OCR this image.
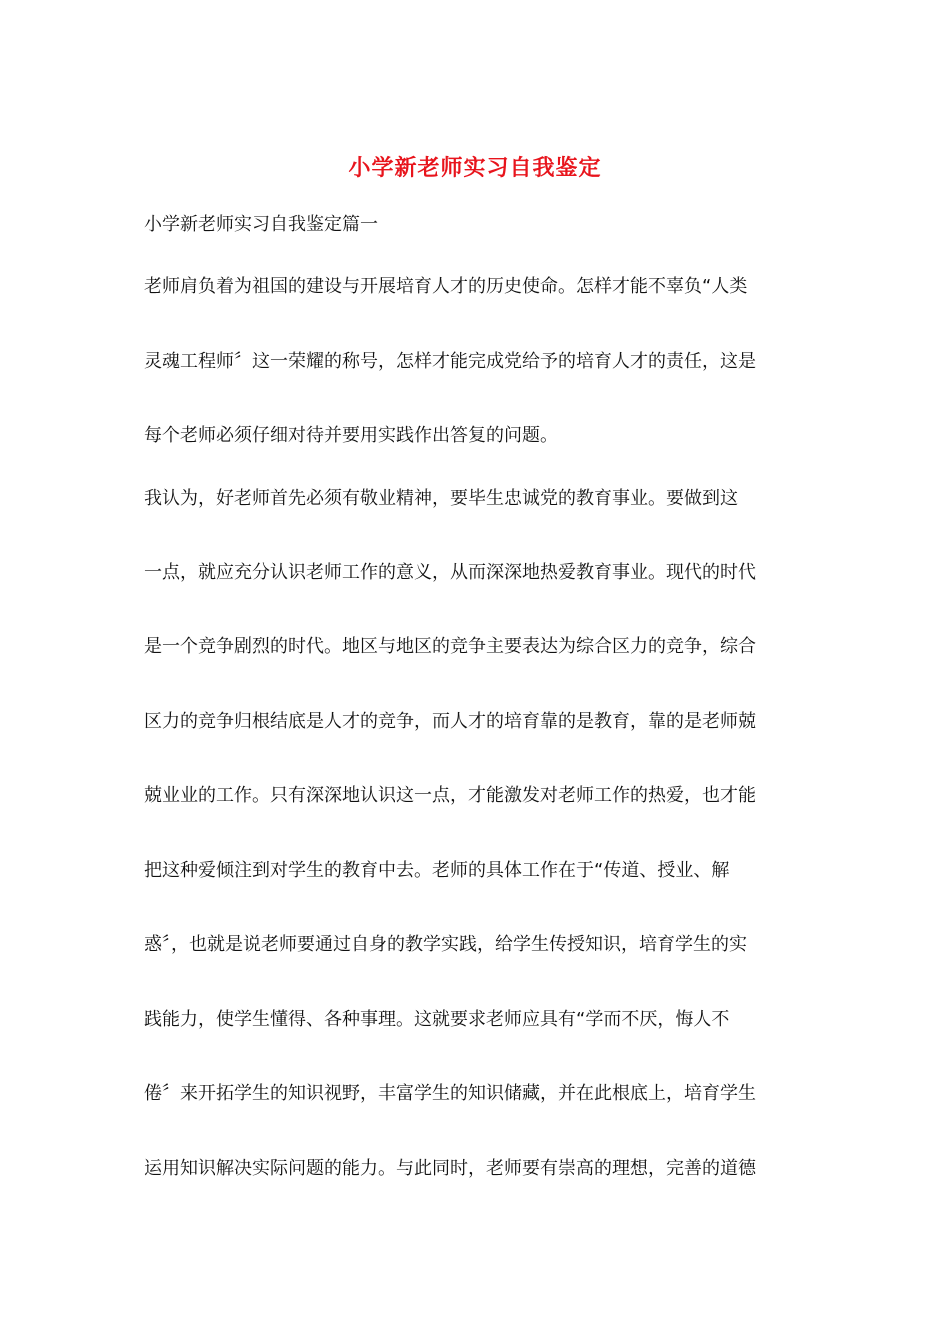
小学新老师实习自我鉴定

小学新老师实习自我鉴定篇一

老师肩负着为祖国的建设与开展培育人才的历史使命。怎样才能不辜负“人类

灵魂工程师〞这一荣耀的称号，怎样才能完成党给予的培育人才的责任，这是

每个老师必须仔细对待并要用实践作出答复的问题。

我认为，好老师首先必须有敬业精神，要毕生忠诚党的教育事业。要做到这

一点，就应充分认识老师工作的意义，从而深深地热爱教育事业。现代的时代

是一个竞争剧烈的时代。地区与地区的竞争主要表达为综合区力的竞争，综合

区力的竞争归根结底是人才的竞争，而人才的培育靠的是教育，靠的是老师兢

兢业业的工作。只有深深地认识这一点，才能激发对老师工作的热爱，也才能

把这种爱倾注到对学生的教育中去。老师的具体工作在于“传道、授业、解

惑〞，也就是说老师要通过自身的教学实践，给学生传授知识，培育学生的实

践能力，使学生懂得、各种事理。这就要求老师应具有“学而不厌，悔人不

倦〞来开拓学生的知识视野，丰富学生的知识储藏，并在此根底上，培育学生

运用知识解决实际问题的能力。与此同时，老师要有崇高的理想，完善的道德
